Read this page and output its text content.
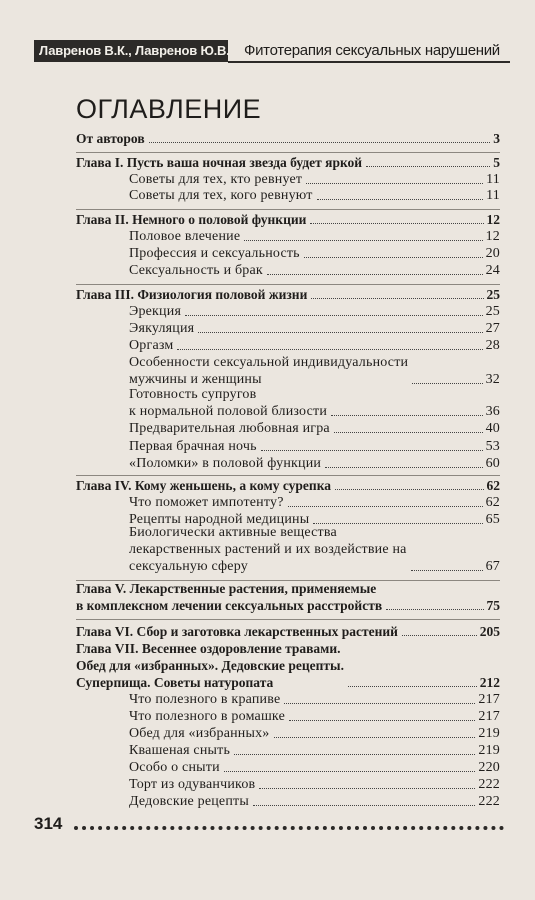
Лавренов В.К., Лавренов Ю.В. Фитотерапия сексуальных нарушений
ОГЛАВЛЕНИЕ
От авторов	3
Глава I. Пусть ваша ночная звезда будет яркой	5
Советы для тех, кто ревнует	11
Советы для тех, кого ревнуют	11
Глава II. Немного о половой функции	12
Половое влечение	12
Профессия и сексуальность	20
Сексуальность и брак	24
Глава III. Физиология половой жизни	25
Эрекция	25
Эякуляция	27
Оргазм	28
Особенности сексуальной индивидуальности
мужчины и женщины	32
Готовность супругов
к нормальной половой близости	36
Предварительная любовная игра	40
Первая брачная ночь	53
«Поломки» в половой функции	60
Глава IV. Кому женьшень, а кому сурепка	62
Что поможет импотенту?	62
Рецепты народной медицины	65
Биологически активные вещества
лекарственных растений и их воздействие на
сексуальную сферу	67
Глава V. Лекарственные растения, применяемые
в комплексном лечении сексуальных расстройств	75
Глава VI. Сбор и заготовка лекарственных растений	205
Глава VII. Весеннее оздоровление травами.
Обед для «избранных». Дедовские рецепты.
Суперпища. Советы натуропата	212
Что полезного в крапиве	217
Что полезного в ромашке	217
Обед для «избранных»	219
Квашеная сныть	219
Особо о сныти	220
Торт из одуванчиков	222
Дедовские рецепты	222
314
